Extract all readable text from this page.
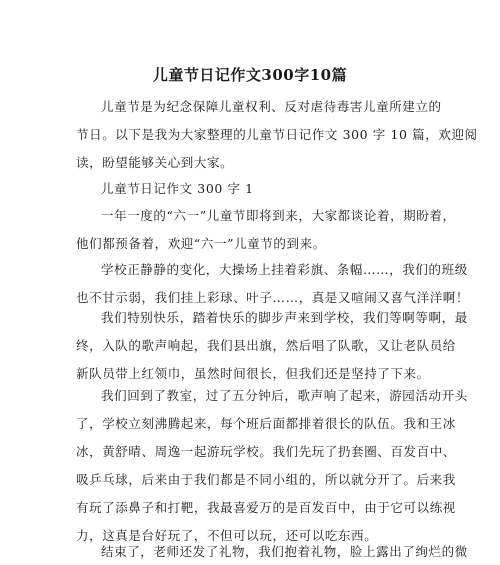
儿童节日记作文300字10篇
儿童节是为纪念保障儿童权利、反对虐待毒害儿童所建立的
节日。以下是我为大家整理的儿童节日记作文 300 字 10 篇，欢迎阅
读，盼望能够关心到大家。
儿童节日记作文 300 字 1
一年一度的“六一”儿童节即将到来，大家都谈论着，期盼着，
他们都预备着，欢迎“六一”儿童节的到来。
学校正静静的变化，大操场上挂着彩旗、条幅……，我们的班级
也不甘示弱，我们挂上彩球、叶子……，真是又喧闹又喜气洋洋啊！
我们特别快乐，踏着快乐的脚步声来到学校，我们等啊等啊，最
终，入队的歌声响起，我们县出旗，然后唱了队歌，又让老队员给
新队员带上红领巾，虽然时间很长，但我们还是坚持了下来。
我们回到了教室，过了五分钟后，歌声响了起来，游园活动开头
了，学校立刻沸腾起来，每个班后面都排着很长的队伍。我和王冰
冰，黄舒晴、周逸一起游玩学校。我们先玩了扔套圈、百发百中、
吸乒乓球，后来由于我们都是不同小组的，所以就分开了。后来我
有玩了添鼻子和打靶，我最喜爱万的是百发百中，由于它可以练视
力，这真是台好玩了，不但可以玩，还可以吃东西。
结束了，老师还发了礼物，我们抱着礼物，脸上露出了绚烂的微
